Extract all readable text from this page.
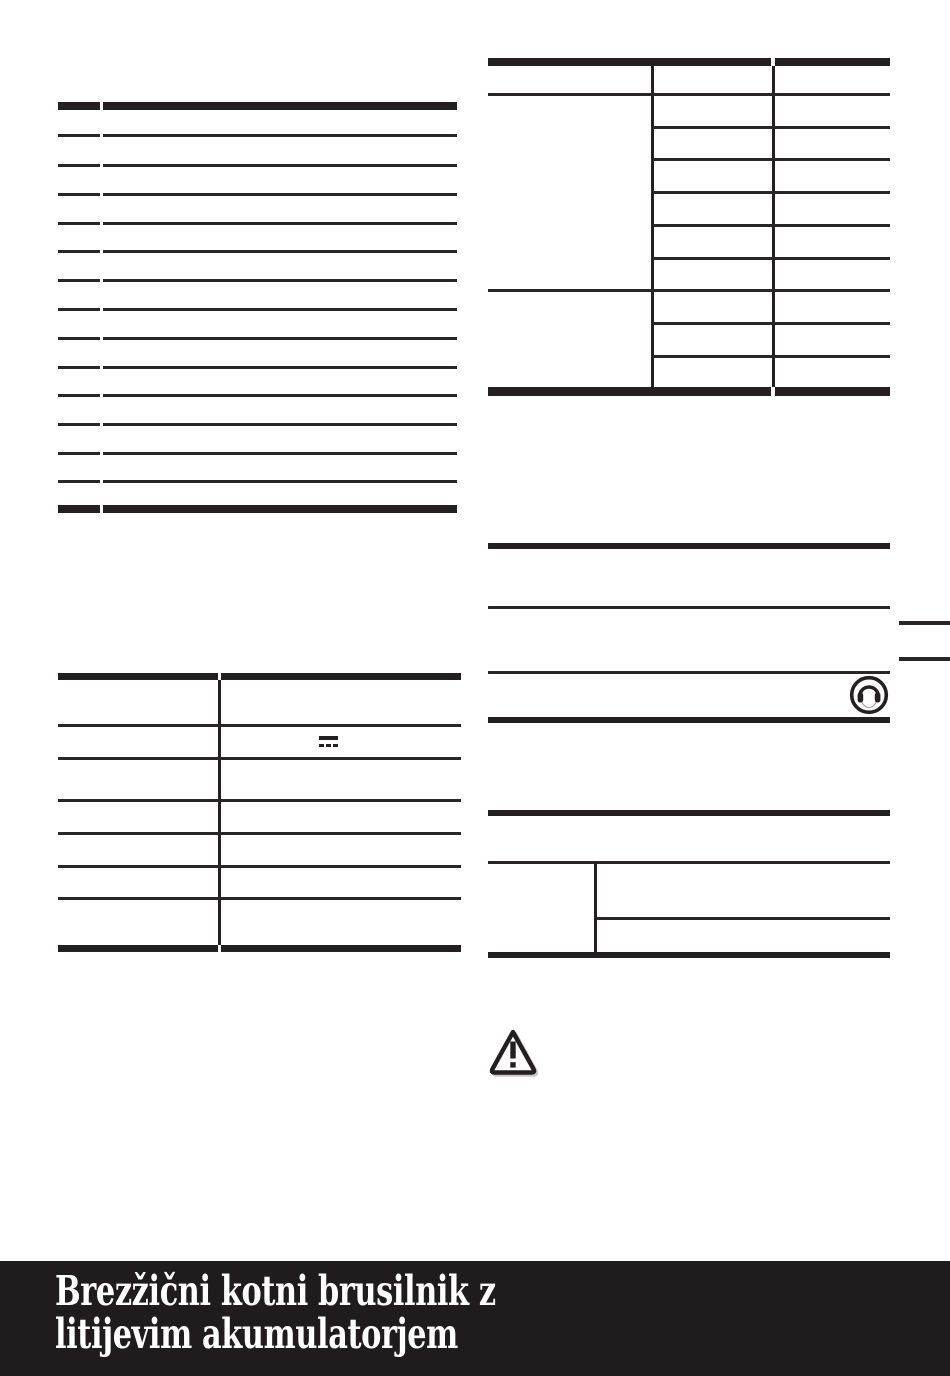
Brezžični kotni brusilnik z
litijevim akumulatorjem
